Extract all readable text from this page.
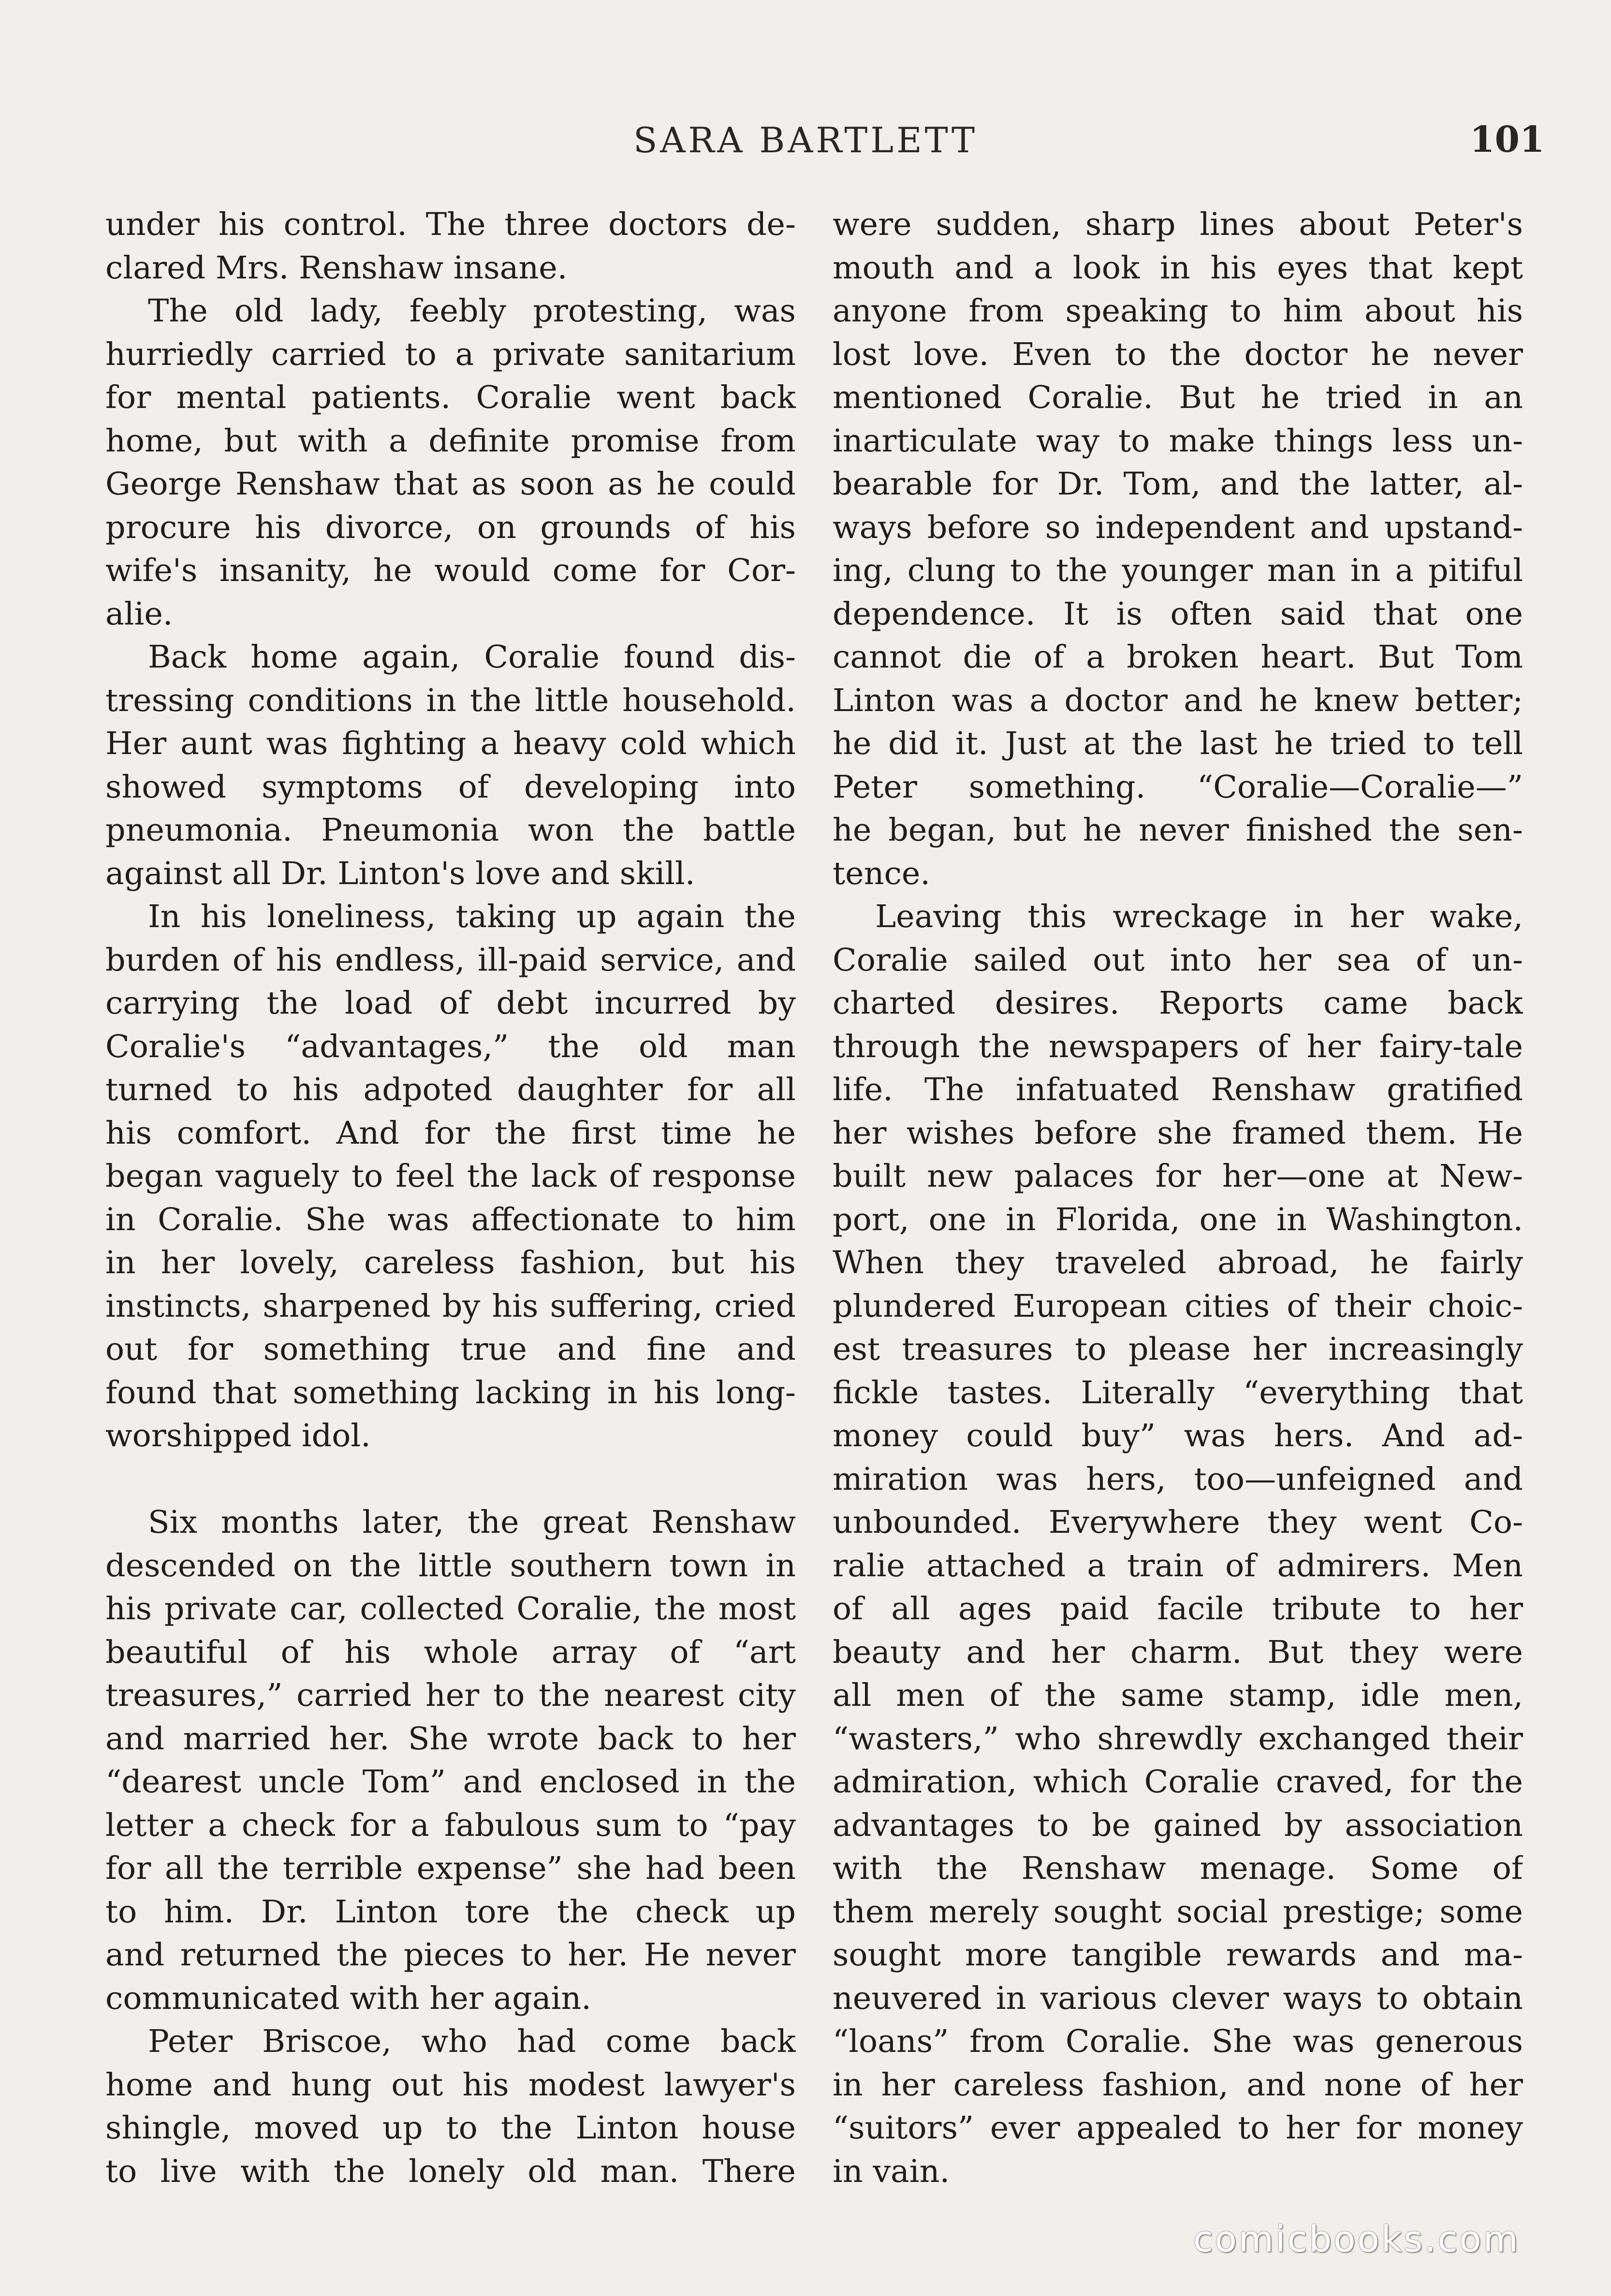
SARA BARTLETT	101
under his control. The three doctors de-
clared Mrs. Renshaw insane.
The old lady, feebly protesting, was
hurriedly carried to a private sanitarium
for mental patients. Coralie went back
home, but with a definite promise from
George Renshaw that as soon as he could
procure his divorce, on grounds of his
wife's insanity, he would come for Cor-
alie.
Back home again, Coralie found dis-
tressing conditions in the little household.
Her aunt was fighting a heavy cold which
showed symptoms of developing into
pneumonia. Pneumonia won the battle
against all Dr. Linton's love and skill.
In his loneliness, taking up again the
burden of his endless, ill-paid service, and
carrying the load of debt incurred by
Coralie's “advantages,” the old man
turned to his adpoted daughter for all
his comfort. And for the first time he
began vaguely to feel the lack of response
in Coralie. She was affectionate to him
in her lovely, careless fashion, but his
instincts, sharpened by his suffering, cried
out for something true and fine and
found that something lacking in his long-
worshipped idol.
Six months later, the great Renshaw
descended on the little southern town in
his private car, collected Coralie, the most
beautiful of his whole array of “art
treasures,” carried her to the nearest city
and married her. She wrote back to her
“dearest uncle Tom” and enclosed in the
letter a check for a fabulous sum to “pay
for all the terrible expense” she had been
to him. Dr. Linton tore the check up
and returned the pieces to her. He never
communicated with her again.
Peter Briscoe, who had come back
home and hung out his modest lawyer's
shingle, moved up to the Linton house
to live with the lonely old man. There
were sudden, sharp lines about Peter's
mouth and a look in his eyes that kept
anyone from speaking to him about his
lost love. Even to the doctor he never
mentioned Coralie. But he tried in an
inarticulate way to make things less un-
bearable for Dr. Tom, and the latter, al-
ways before so independent and upstand-
ing, clung to the younger man in a pitiful
dependence. It is often said that one
cannot die of a broken heart. But Tom
Linton was a doctor and he knew better;
he did it. Just at the last he tried to tell
Peter something. “Coralie—Coralie—”
he began, but he never finished the sen-
tence.
Leaving this wreckage in her wake,
Coralie sailed out into her sea of un-
charted desires. Reports came back
through the newspapers of her fairy-tale
life. The infatuated Renshaw gratified
her wishes before she framed them. He
built new palaces for her—one at New-
port, one in Florida, one in Washington.
When they traveled abroad, he fairly
plundered European cities of their choic-
est treasures to please her increasingly
fickle tastes. Literally “everything that
money could buy” was hers. And ad-
miration was hers, too—unfeigned and
unbounded. Everywhere they went Co-
ralie attached a train of admirers. Men
of all ages paid facile tribute to her
beauty and her charm. But they were
all men of the same stamp, idle men,
“wasters,” who shrewdly exchanged their
admiration, which Coralie craved, for the
advantages to be gained by association
with the Renshaw menage. Some of
them merely sought social prestige; some
sought more tangible rewards and ma-
neuvered in various clever ways to obtain
“loans” from Coralie. She was generous
in her careless fashion, and none of her
“suitors” ever appealed to her for money
in vain.
comicbooks.com
